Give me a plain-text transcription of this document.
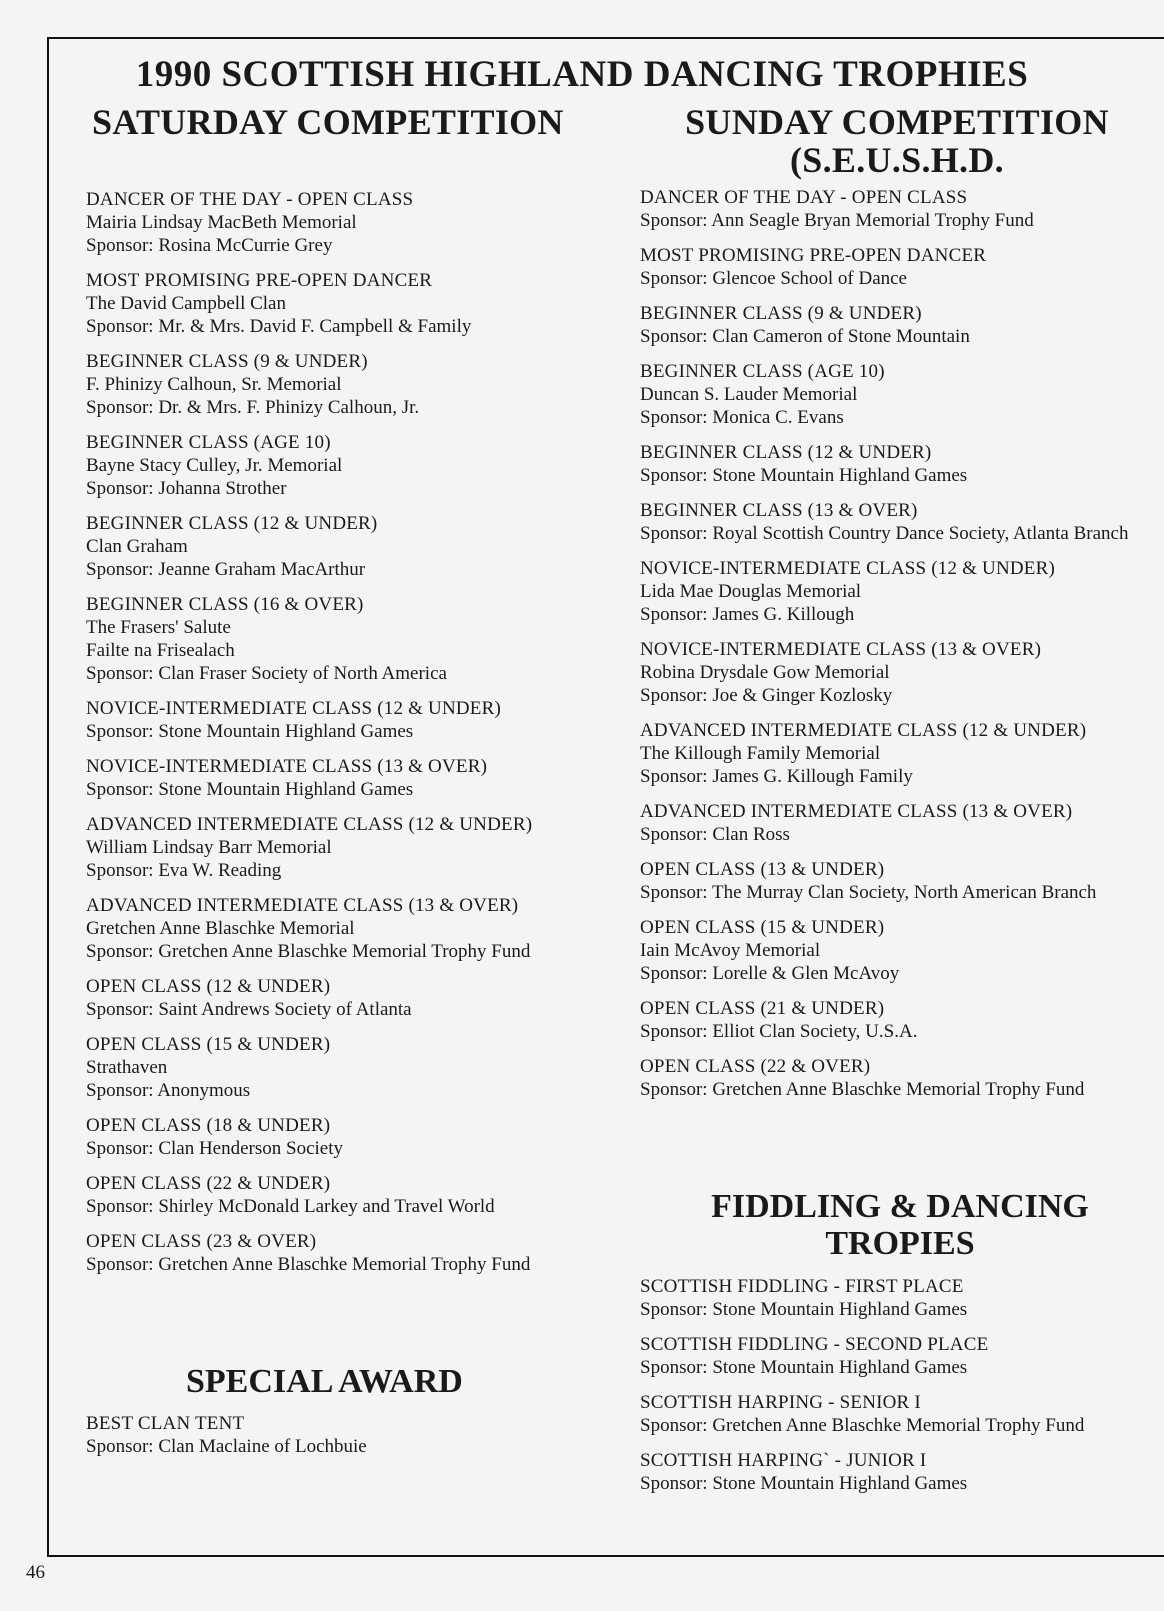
1990 SCOTTISH HIGHLAND DANCING TROPHIES
SATURDAY COMPETITION	SUNDAY COMPETITION
(S.E.U.S.H.D.
DANCER OF THE DAY - OPEN CLASS
Mairia Lindsay MacBeth Memorial
Sponsor: Rosina McCurrie Grey
MOST PROMISING PRE-OPEN DANCER
The David Campbell Clan
Sponsor: Mr. & Mrs. David F. Campbell & Family
BEGINNER CLASS (9 & UNDER)
F. Phinizy Calhoun, Sr. Memorial
Sponsor: Dr. & Mrs. F. Phinizy Calhoun, Jr.
BEGINNER CLASS (AGE 10)
Bayne Stacy Culley, Jr. Memorial
Sponsor: Johanna Strother
BEGINNER CLASS (12 & UNDER)
Clan Graham
Sponsor: Jeanne Graham MacArthur
BEGINNER CLASS (16 & OVER)
The Frasers' Salute
Failte na Frisealach
Sponsor: Clan Fraser Society of North America
NOVICE-INTERMEDIATE CLASS (12 & UNDER)
Sponsor: Stone Mountain Highland Games
NOVICE-INTERMEDIATE CLASS (13 & OVER)
Sponsor: Stone Mountain Highland Games
ADVANCED INTERMEDIATE CLASS (12 & UNDER)
William Lindsay Barr Memorial
Sponsor: Eva W. Reading
ADVANCED INTERMEDIATE CLASS (13 & OVER)
Gretchen Anne Blaschke Memorial
Sponsor: Gretchen Anne Blaschke Memorial Trophy Fund
OPEN CLASS (12 & UNDER)
Sponsor: Saint Andrews Society of Atlanta
OPEN CLASS (15 & UNDER)
Strathaven
Sponsor: Anonymous
OPEN CLASS (18 & UNDER)
Sponsor: Clan Henderson Society
OPEN CLASS (22 & UNDER)
Sponsor: Shirley McDonald Larkey and Travel World
OPEN CLASS (23 & OVER)
Sponsor: Gretchen Anne Blaschke Memorial Trophy Fund
DANCER OF THE DAY - OPEN CLASS
Sponsor: Ann Seagle Bryan Memorial Trophy Fund
MOST PROMISING PRE-OPEN DANCER
Sponsor: Glencoe School of Dance
BEGINNER CLASS (9 & UNDER)
Sponsor: Clan Cameron of Stone Mountain
BEGINNER CLASS (AGE 10)
Duncan S. Lauder Memorial
Sponsor: Monica C. Evans
BEGINNER CLASS (12 & UNDER)
Sponsor: Stone Mountain Highland Games
BEGINNER CLASS (13 & OVER)
Sponsor: Royal Scottish Country Dance Society, Atlanta Branch
NOVICE-INTERMEDIATE CLASS (12 & UNDER)
Lida Mae Douglas Memorial
Sponsor: James G. Killough
NOVICE-INTERMEDIATE CLASS (13 & OVER)
Robina Drysdale Gow Memorial
Sponsor: Joe & Ginger Kozlosky
ADVANCED INTERMEDIATE CLASS (12 & UNDER)
The Killough Family Memorial
Sponsor: James G. Killough Family
ADVANCED INTERMEDIATE CLASS (13 & OVER)
Sponsor: Clan Ross
OPEN CLASS (13 & UNDER)
Sponsor: The Murray Clan Society, North American Branch
OPEN CLASS (15 & UNDER)
Iain McAvoy Memorial
Sponsor: Lorelle & Glen McAvoy
OPEN CLASS (21 & UNDER)
Sponsor: Elliot Clan Society, U.S.A.
OPEN CLASS (22 & OVER)
Sponsor: Gretchen Anne Blaschke Memorial Trophy Fund
SPECIAL AWARD
BEST CLAN TENT
Sponsor: Clan Maclaine of Lochbuie
FIDDLING & DANCING
TROPIES
SCOTTISH FIDDLING - FIRST PLACE
Sponsor: Stone Mountain Highland Games
SCOTTISH FIDDLING - SECOND PLACE
Sponsor: Stone Mountain Highland Games
SCOTTISH HARPING - SENIOR I
Sponsor: Gretchen Anne Blaschke Memorial Trophy Fund
SCOTTISH HARPING` - JUNIOR I
Sponsor: Stone Mountain Highland Games
46
